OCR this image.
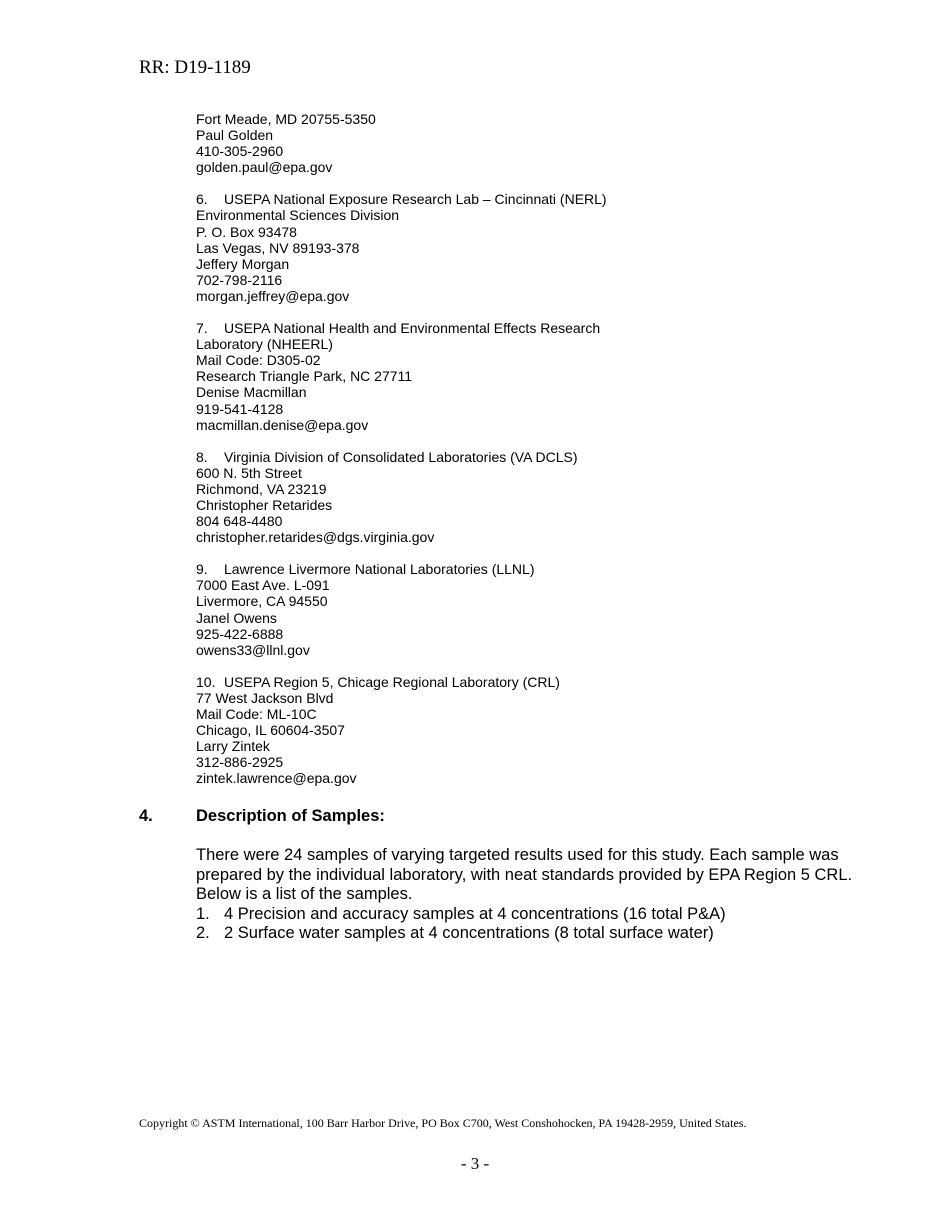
RR: D19-1189
Fort Meade, MD 20755-5350
Paul Golden
410-305-2960
golden.paul@epa.gov
6. USEPA National Exposure Research Lab – Cincinnati (NERL)
Environmental Sciences Division
P. O. Box 93478
Las Vegas, NV 89193-378
Jeffery Morgan
702-798-2116
morgan.jeffrey@epa.gov
7. USEPA National Health and Environmental Effects Research
Laboratory (NHEERL)
Mail Code: D305-02
Research Triangle Park, NC 27711
Denise Macmillan
919-541-4128
macmillan.denise@epa.gov
8. Virginia Division of Consolidated Laboratories (VA DCLS)
600 N. 5th Street
Richmond, VA 23219
Christopher Retarides
804 648-4480
christopher.retarides@dgs.virginia.gov
9. Lawrence Livermore National Laboratories (LLNL)
7000 East Ave. L-091
Livermore, CA 94550
Janel Owens
925-422-6888
owens33@llnl.gov
10. USEPA Region 5, Chicage Regional Laboratory (CRL)
77 West Jackson Blvd
Mail Code: ML-10C
Chicago, IL 60604-3507
Larry Zintek
312-886-2925
zintek.lawrence@epa.gov
4.	Description of Samples:

There were 24 samples of varying targeted results used for this study. Each sample was prepared by the individual laboratory, with neat standards provided by EPA Region 5 CRL. Below is a list of the samples.

1. 4 Precision and accuracy samples at 4 concentrations (16 total P&A)
2. 2 Surface water samples at 4 concentrations (8 total surface water)
Copyright © ASTM International, 100 Barr Harbor Drive, PO Box C700, West Conshohocken, PA 19428-2959, United States.
- 3 -
